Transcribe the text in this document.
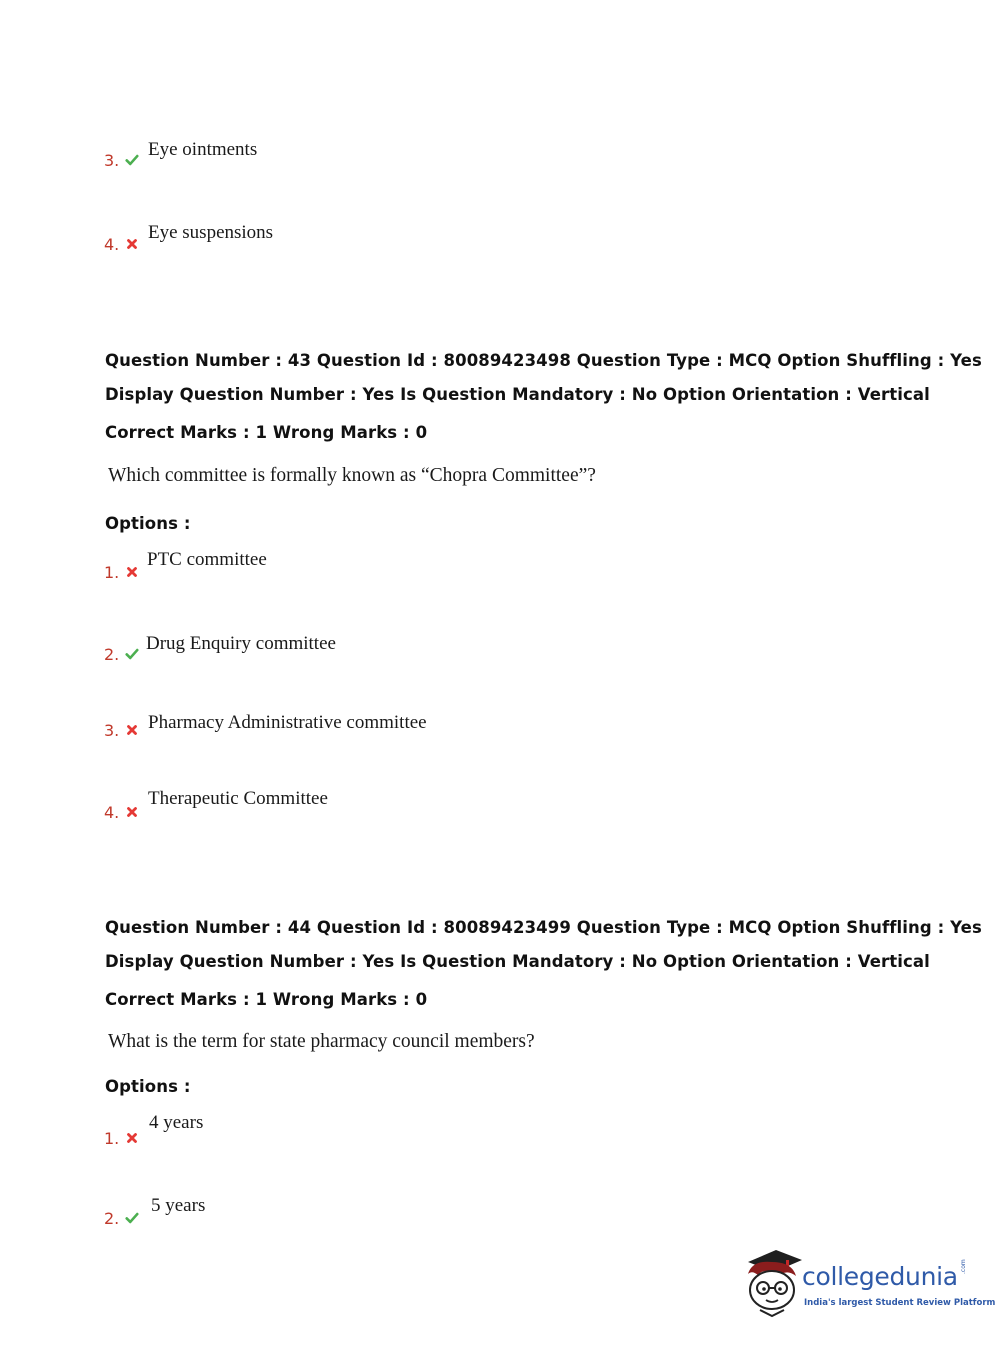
3.
Eye ointments
4.
Eye suspensions
Question Number : 43 Question Id : 80089423498 Question Type : MCQ Option Shuffling : Yes
Display Question Number : Yes Is Question Mandatory : No Option Orientation : Vertical
Correct Marks : 1 Wrong Marks : 0
Which committee is formally known as “Chopra Committee”?
Options :
1.
PTC committee
2.
Drug Enquiry committee
3.	Pharmacy Administrative committee
4.
Therapeutic Committee
Question Number : 44 Question Id : 80089423499 Question Type : MCQ Option Shuffling : Yes
Display Question Number : Yes Is Question Mandatory : No Option Orientation : Vertical
Correct Marks : 1 Wrong Marks : 0
What is the term for state pharmacy council members?
Options :
1.
4 years
2.
5 years
collegedunia .com
India's largest Student Review Platform
